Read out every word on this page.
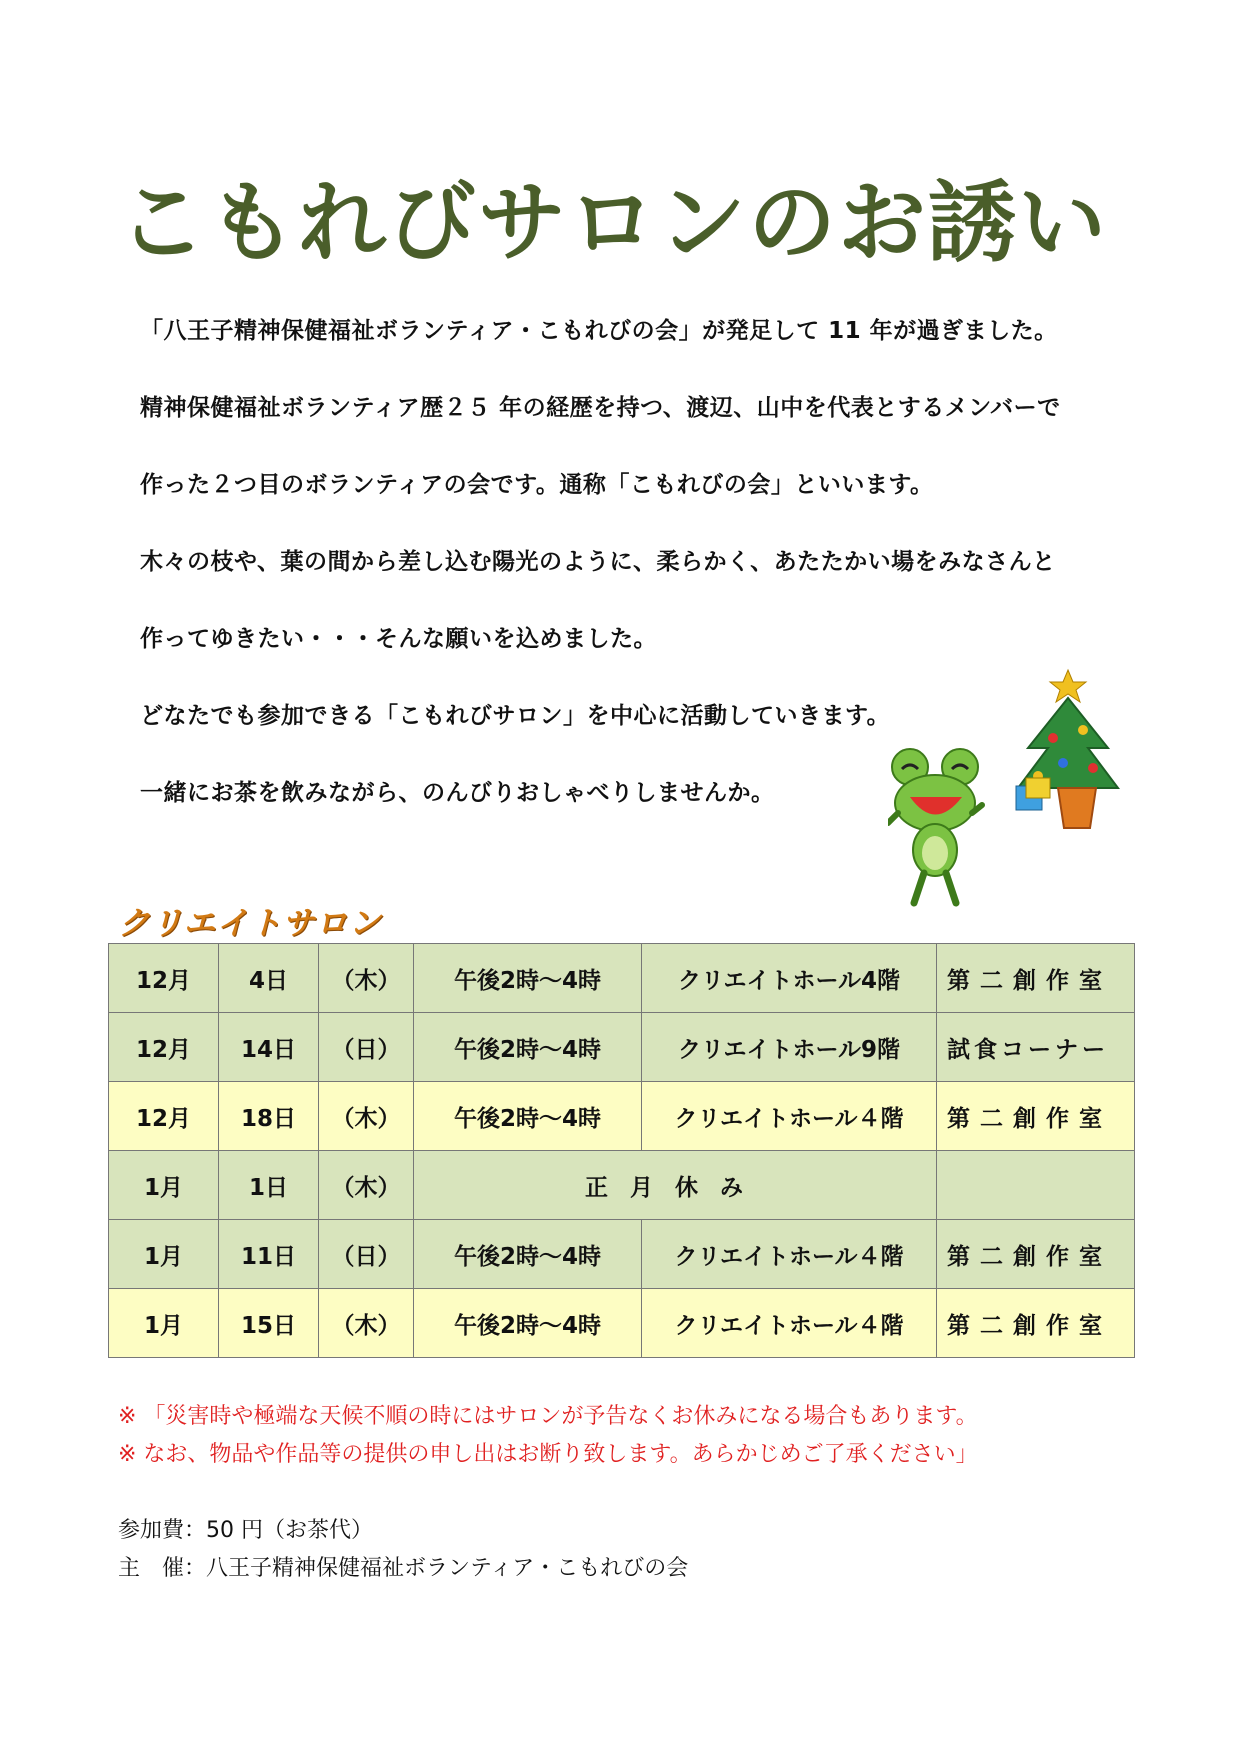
こもれびサロンのお誘い

「八王子精神保健福祉ボランティア・こもれびの会」が発足して 11 年が過ぎました。

精神保健福祉ボランティア歴２５ 年の経歴を持つ、渡辺、山中を代表とするメンバーで

作った２つ目のボランティアの会です。通称「こもれびの会」といいます。

木々の枝や、葉の間から差し込む陽光のように、柔らかく、あたたかい場をみなさんと

作ってゆきたい・・・そんな願いを込めました。

どなたでも参加できる「こもれびサロン」を中心に活動していきます。

一緒にお茶を飲みながら、のんびりおしゃべりしませんか。

クリエイトサロン
12月	4日	（木）	午後2時～4時	クリエイトホール4階	第二創作室
12月	14日	（日）	午後2時～4時	クリエイトホール9階	試食コーナー
12月	18日	（木）	午後2時～4時	クリエイトホール４階	第二創作室
1月	1日	（木）	正月休み		
1月	11日	（日）	午後2時～4時	クリエイトホール４階	第二創作室
1月	15日	（木）	午後2時～4時	クリエイトホール４階	第二創作室
※ 「災害時や極端な天候不順の時にはサロンが予告なくお休みになる場合もあります。
※ なお、物品や作品等の提供の申し出はお断り致します。あらかじめご了承ください」
参加費：50 円（お茶代）
主　催：八王子精神保健福祉ボランティア・こもれびの会
